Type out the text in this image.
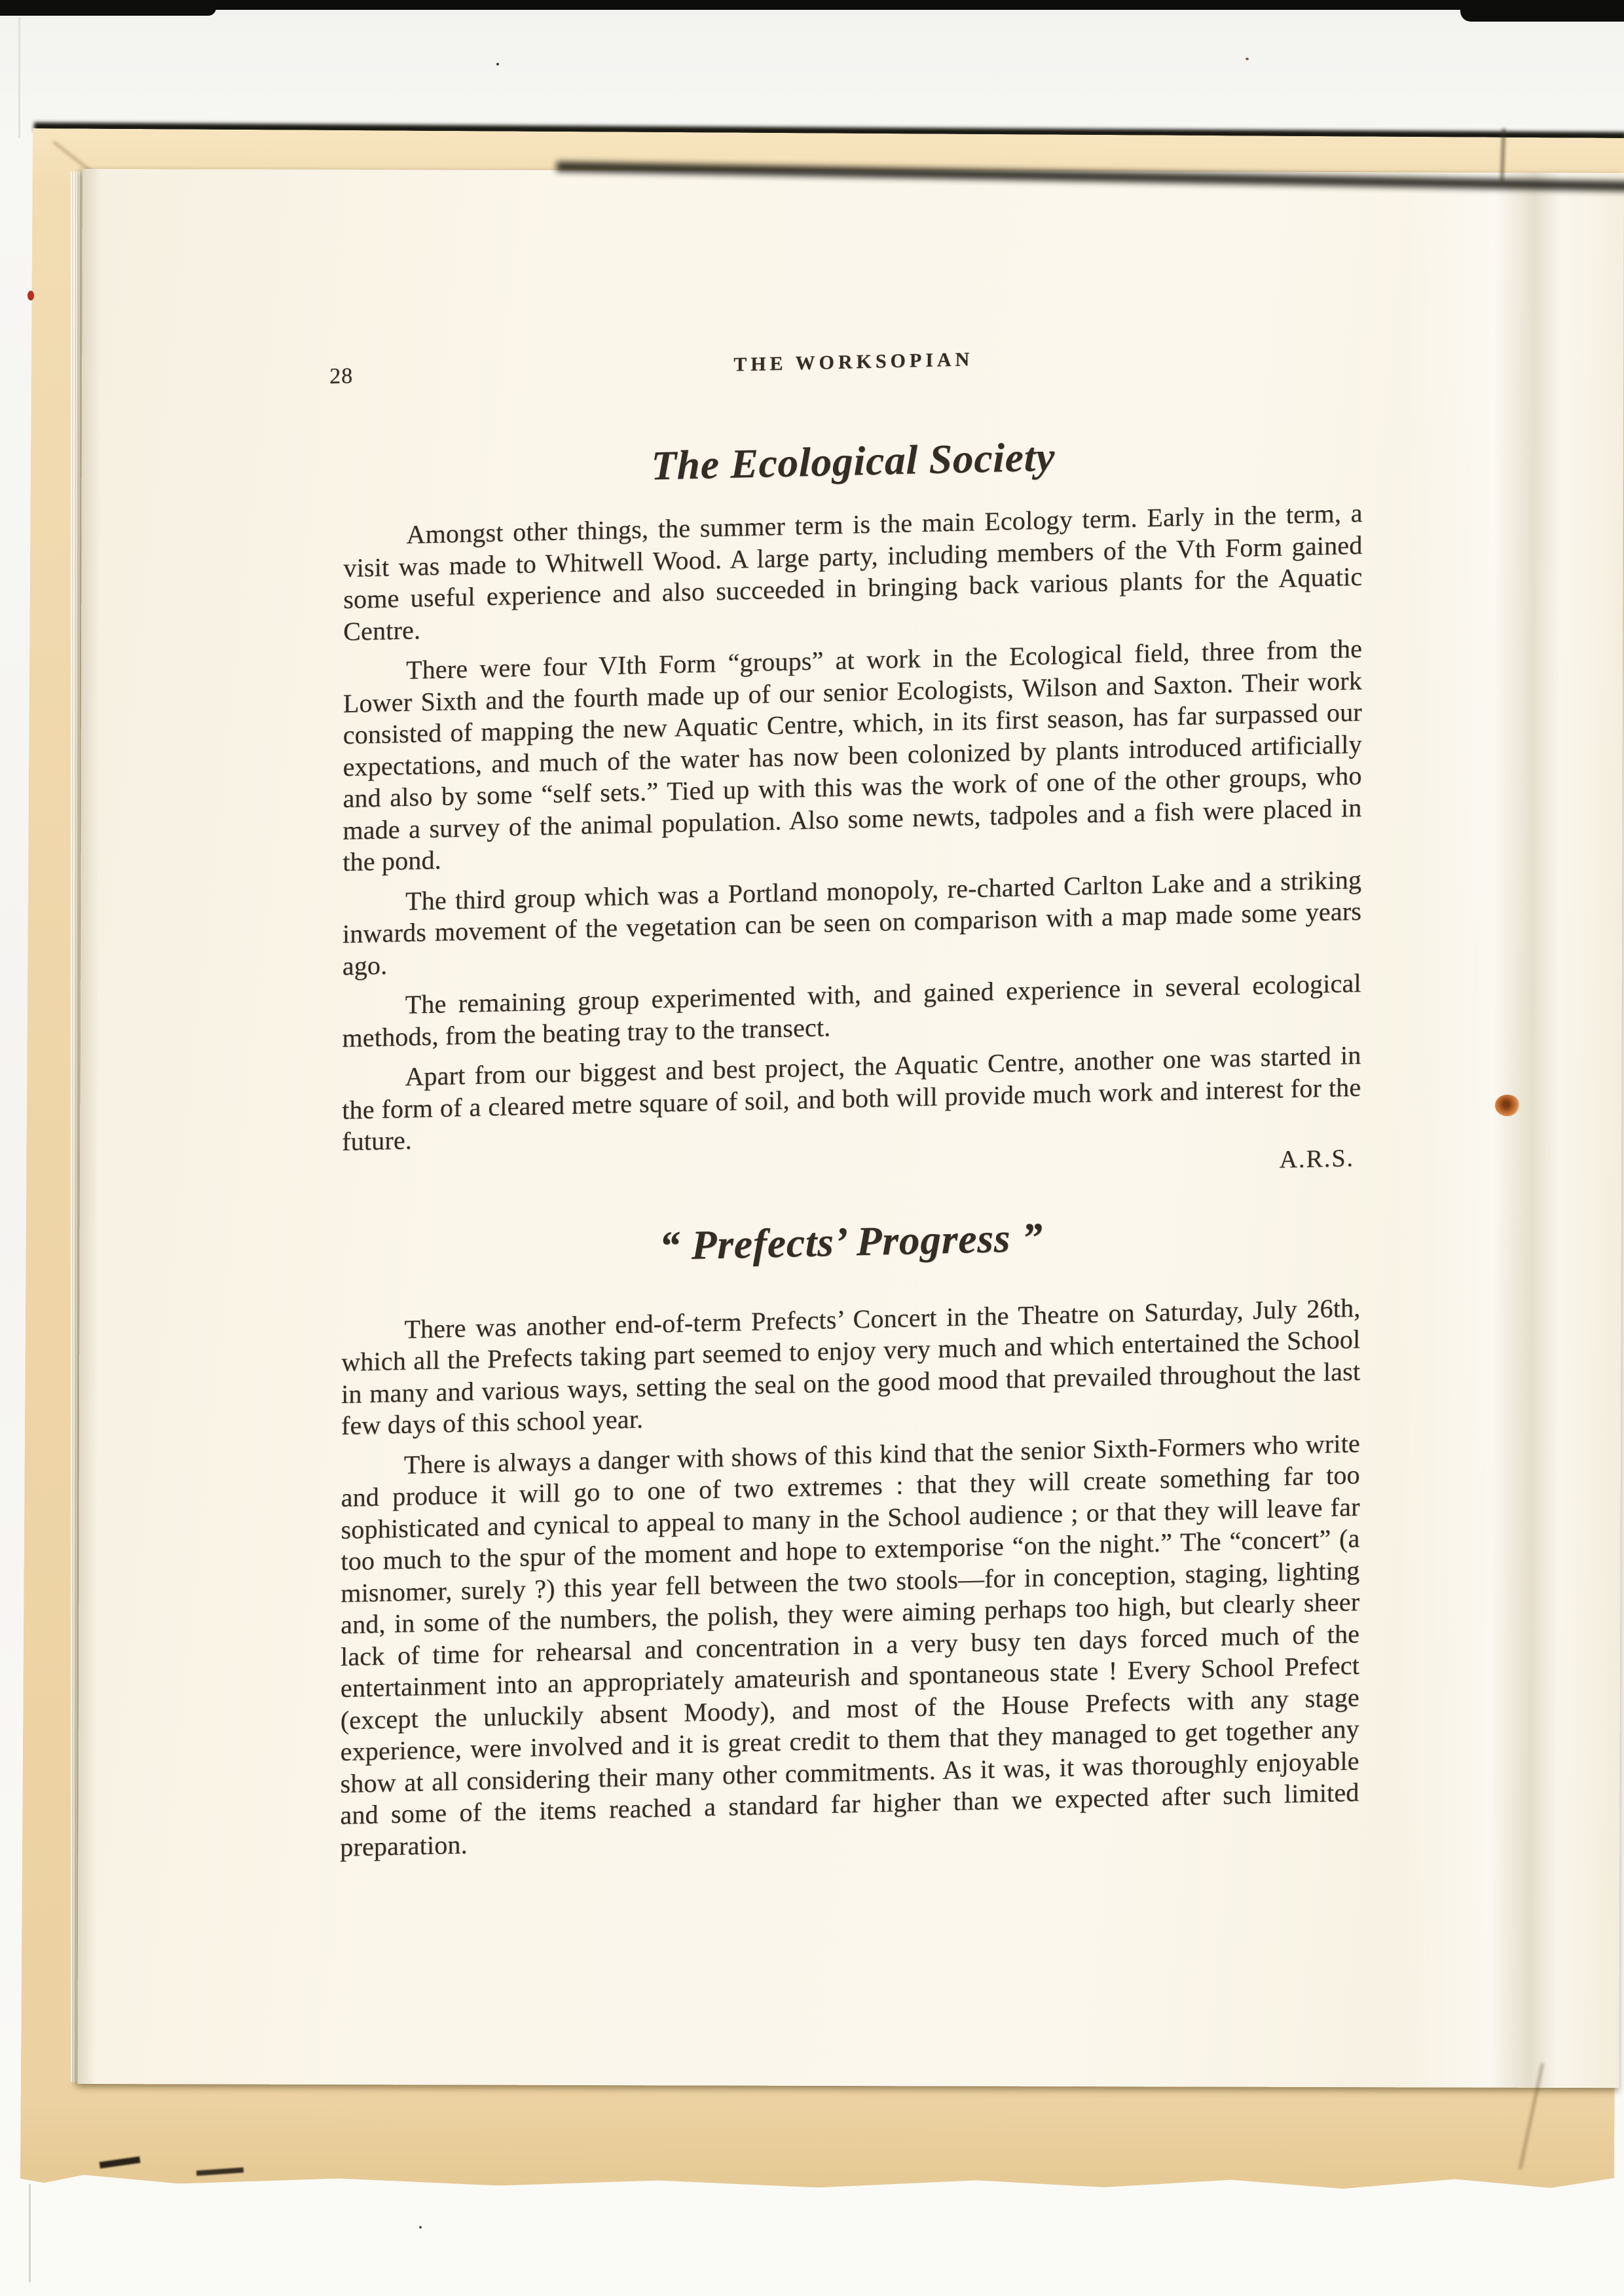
28
THE WORKSOPIAN
The Ecological Society

Amongst other things, the summer term is the main Ecology term. Early in the term, a visit was made to Whitwell Wood. A large party, including members of the Vth Form gained some useful experience and also succeeded in bringing back various plants for the Aquatic Centre.

There were four VIth Form “groups” at work in the Ecological field, three from the Lower Sixth and the fourth made up of our senior Ecologists, Wilson and Saxton. Their work consisted of mapping the new Aquatic Centre, which, in its first season, has far surpassed our expectations, and much of the water has now been colonized by plants introduced artificially and also by some “self sets.” Tied up with this was the work of one of the other groups, who made a survey of the animal population. Also some newts, tadpoles and a fish were placed in the pond.

The third group which was a Portland monopoly, re-charted Carlton Lake and a striking inwards movement of the vegetation can be seen on comparison with a map made some years ago.

The remaining group experimented with, and gained experience in several ecological methods, from the beating tray to the transect.

Apart from our biggest and best project, the Aquatic Centre, another one was started in the form of a cleared metre square of soil, and both will provide much work and interest for the future.

A.R.S.
“ Prefects’ Progress ”

There was another end-of-term Prefects’ Concert in the Theatre on Saturday, July 26th, which all the Prefects taking part seemed to enjoy very much and which entertained the School in many and various ways, setting the seal on the good mood that prevailed throughout the last few days of this school year.

There is always a danger with shows of this kind that the senior Sixth-Formers who write and produce it will go to one of two extremes : that they will create something far too sophisticated and cynical to appeal to many in the School audience ; or that they will leave far too much to the spur of the moment and hope to extemporise “on the night.” The “concert” (a misnomer, surely ?) this year fell between the two stools—for in conception, staging, lighting and, in some of the numbers, the polish, they were aiming perhaps too high, but clearly sheer lack of time for rehearsal and concentration in a very busy ten days forced much of the entertainment into an appropriately amateurish and spontaneous state ! Every School Prefect (except the unluckily absent Moody), and most of the House Prefects with any stage experience, were involved and it is great credit to them that they managed to get together any show at all considering their many other commitments. As it was, it was thoroughly enjoyable and some of the items reached a standard far higher than we expected after such limited preparation.
